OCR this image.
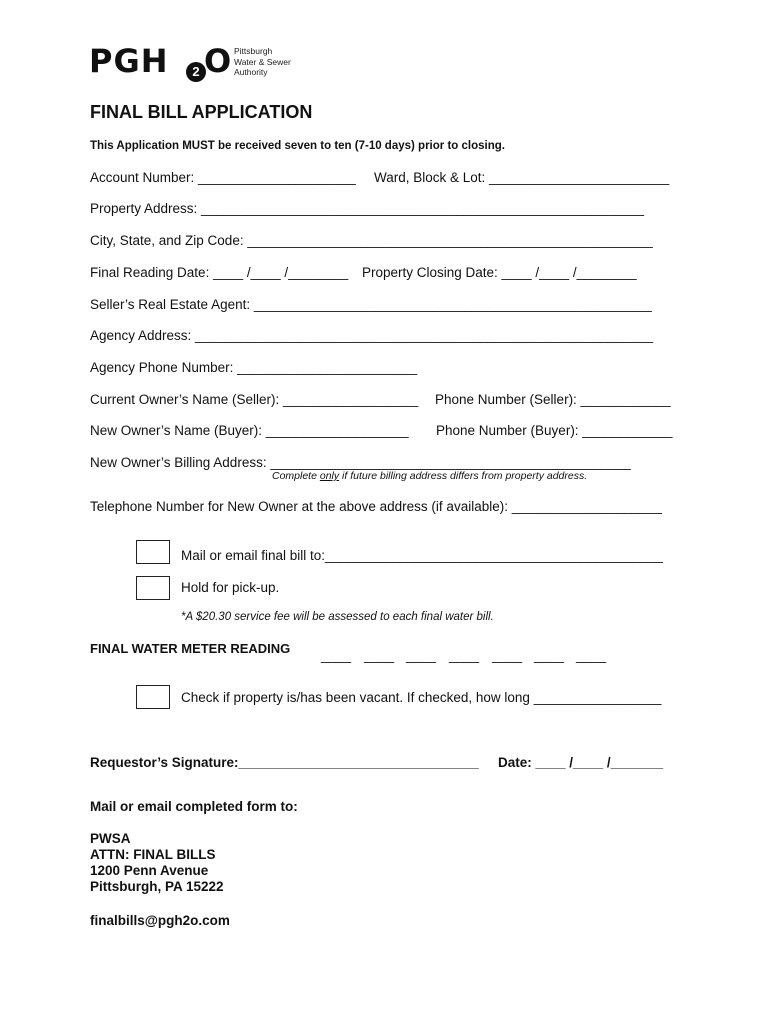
PGH	2 O Pittsburgh
Water & Sewer
Authority
FINAL BILL APPLICATION
This Application MUST be received seven to ten (7-10 days) prior to closing.
Account Number: _____________________ Ward, Block & Lot: ________________________
Property Address: ___________________________________________________________
City, State, and Zip Code: ______________________________________________________
Final Reading Date: ____ /____ /________ Property Closing Date: ____ /____ /________
Seller’s Real Estate Agent: _____________________________________________________
Agency Address: _____________________________________________________________
Agency Phone Number: ________________________
Current Owner’s Name (Seller): __________________ Phone Number (Seller): ____________
New Owner’s Name (Buyer): ___________________ Phone Number (Buyer): ____________
New Owner’s Billing Address: ________________________________________________
Complete only if future billing address differs from property address.
Telephone Number for New Owner at the above address (if available): ____________________
Mail or email final bill to:_____________________________________________
Hold for pick-up.
*A $20.30 service fee will be assessed to each final water bill.
FINAL WATER METER READING ____ ____ ____ ____ ____ ____ ____
Check if property is/has been vacant. If checked, how long _________________
Requestor’s Signature:________________________________ Date: ____ /____ /_______
Mail or email completed form to:
PWSA
ATTN: FINAL BILLS
1200 Penn Avenue
Pittsburgh, PA 15222
finalbills@pgh2o.com
